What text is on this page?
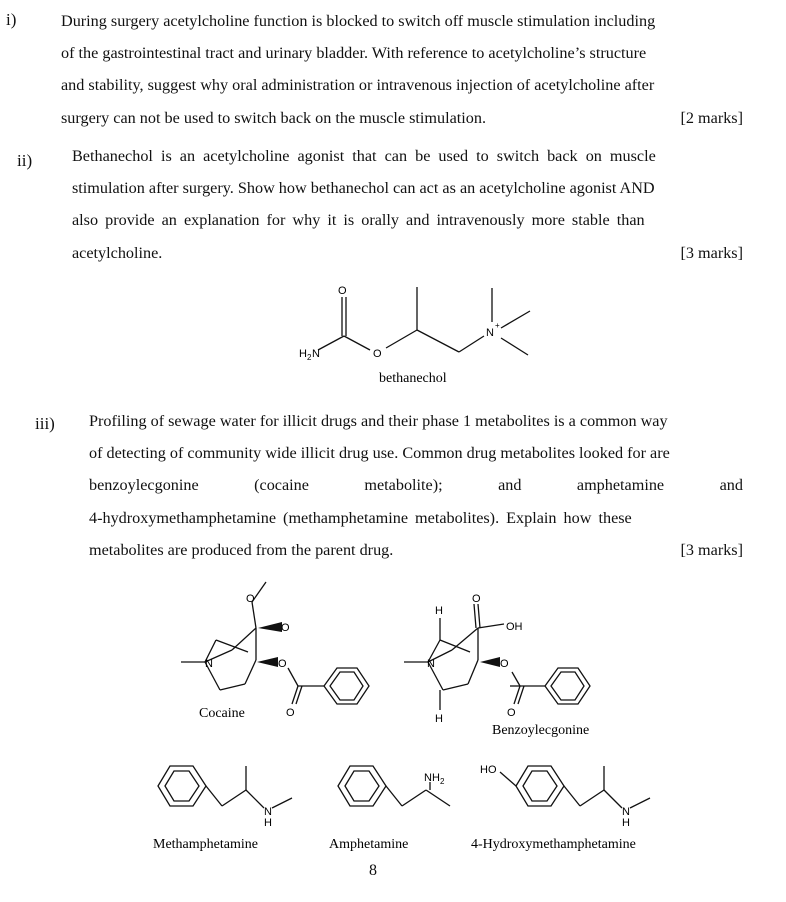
i)	During surgery acetylcholine function is blocked to switch off muscle stimulation including
of the gastrointestinal tract and urinary bladder. With reference to acetylcholine’s structure
and stability, suggest why oral administration or intravenous injection of acetylcholine after
surgery can not be used to switch back on the muscle stimulation.	[2 marks]
ii) Bethanechol is an acetylcholine agonist that can be used to switch back on muscle
stimulation after surgery. Show how bethanechol can act as an acetylcholine agonist AND
also provide an explanation for why it is orally and intravenously more stable than
acetylcholine.	[3 marks]
O
O
H 2 N
N
+
bethanechol
iii) Profiling of sewage water for illicit drugs and their phase 1 metabolites is a common way
of detecting of community wide illicit drug use. Common drug metabolites looked for are
benzoylecgonine	(cocaine	metabolite);	and	amphetamine	and
4-hydroxymethamphetamine (methamphetamine metabolites). Explain how these
metabolites are produced from the parent drug.	[3 marks]
O
O
O
O
N
Cocaine
H
H
O
OH
O
O
N
Benzoylecgonine
N
H
Methamphetamine
N H 2
Amphetamine
HO
N
H
4-Hydroxymethamphetamine
8
